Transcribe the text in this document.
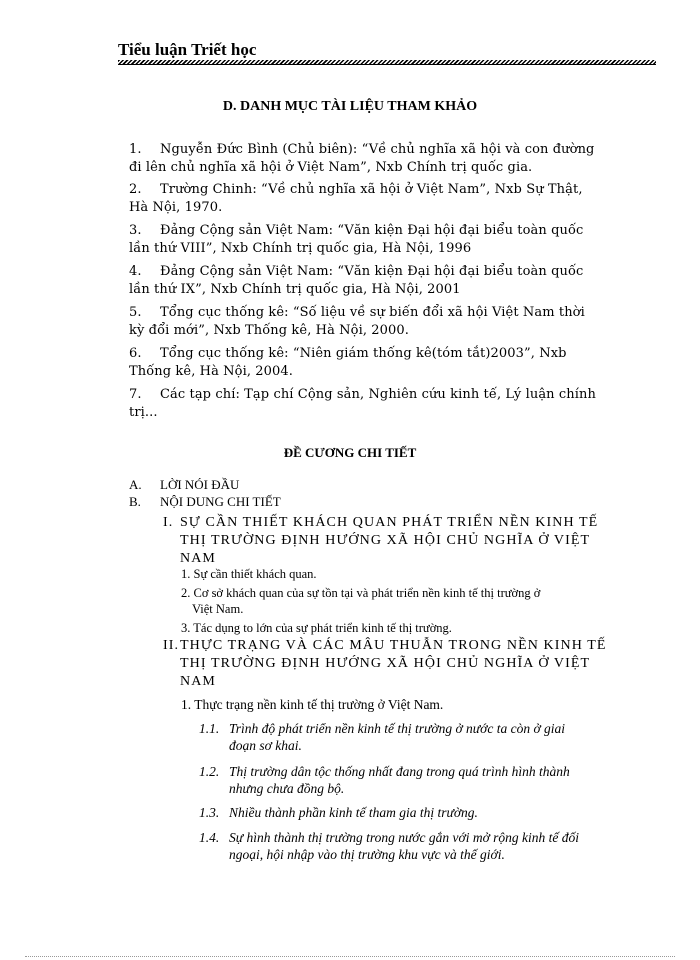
Tiểu luận Triết học
D. DANH MỤC TÀI LIỆU THAM KHẢO
1.	Nguyễn Đức Bình (Chủ biên): “Về chủ nghĩa xã hội và con đường
đi lên chủ nghĩa xã hội ở Việt Nam”, Nxb Chính trị quốc gia.
2.	Trường Chinh: “Về chủ nghĩa xã hội ở Việt Nam”, Nxb Sự Thật,
Hà Nội, 1970.
3.	Đảng Cộng sản Việt Nam: “Văn kiện Đại hội đại biểu toàn quốc
lần thứ VIII”, Nxb Chính trị quốc gia, Hà Nội, 1996
4.	Đảng Cộng sản Việt Nam: “Văn kiện Đại hội đại biểu toàn quốc
lần thứ IX”, Nxb Chính trị quốc gia, Hà Nội, 2001
5.	Tổng cục thống kê: “Số liệu về sự biến đổi xã hội Việt Nam thời
kỳ đổi mới”, Nxb Thống kê, Hà Nội, 2000.
6.	Tổng cục thống kê: “Niên giám thống kê(tóm tắt)2003”, Nxb
Thống kê, Hà Nội, 2004.
7.	Các tạp chí: Tạp chí Cộng sản, Nghiên cứu kinh tế, Lý luận chính
trị...
ĐỀ CƯƠNG CHI TIẾT
A. LỜI NÓI ĐẦU
B. NỘI DUNG CHI TIẾT
I. SỰ CẦN THIẾT KHÁCH QUAN PHÁT TRIỂN NỀN KINH TẾ
THỊ TRƯỜNG ĐỊNH HƯỚNG XÃ HỘI CHỦ NGHĨA Ở VIỆT
NAM
1. Sự cần thiết khách quan.
2. Cơ sở khách quan của sự tồn tại và phát triển nền kinh tế thị trường ở
Việt Nam.
3. Tác dụng to lớn của sự phát triển kinh tế thị trường.
II. THỰC TRẠNG VÀ CÁC MÂU THUẪN TRONG NỀN KINH TẾ
THỊ TRƯỜNG ĐỊNH HƯỚNG XÃ HỘI CHỦ NGHĨA Ở VIỆT
NAM
1. Thực trạng nền kinh tế thị trường ở Việt Nam.
1.1. Trình độ phát triển nền kinh tế thị trường ở nước ta còn ở giai
đoạn sơ khai.
1.2. Thị trường dân tộc thống nhất đang trong quá trình hình thành
nhưng chưa đồng bộ.
1.3. Nhiều thành phần kinh tế tham gia thị trường.
1.4. Sự hình thành thị trường trong nước gắn với mở rộng kinh tế đối
ngoại, hội nhập vào thị trường khu vực và thế giới.
